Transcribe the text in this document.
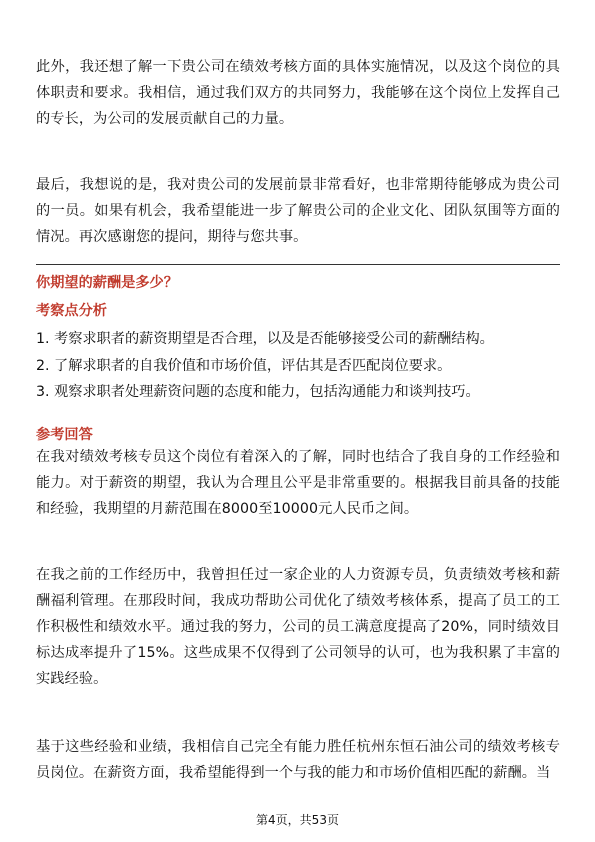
此外，我还想了解一下贵公司在绩效考核方面的具体实施情况，以及这个岗位的具体职责和要求。我相信，通过我们双方的共同努力，我能够在这个岗位上发挥自己的专长，为公司的发展贡献自己的力量。

最后，我想说的是，我对贵公司的发展前景非常看好，也非常期待能够成为贵公司的一员。如果有机会，我希望能进一步了解贵公司的企业文化、团队氛围等方面的情况。再次感谢您的提问，期待与您共事。

你期望的薪酬是多少？
考察点分析
1. 考察求职者的薪资期望是否合理，以及是否能够接受公司的薪酬结构。
2. 了解求职者的自我价值和市场价值，评估其是否匹配岗位要求。
3. 观察求职者处理薪资问题的态度和能力，包括沟通能力和谈判技巧。
参考回答

在我对绩效考核专员这个岗位有着深入的了解，同时也结合了我自身的工作经验和能力。对于薪资的期望，我认为合理且公平是非常重要的。根据我目前具备的技能和经验，我期望的月薪范围在8000至10000元人民币之间。

在我之前的工作经历中，我曾担任过一家企业的人力资源专员，负责绩效考核和薪酬福利管理。在那段时间，我成功帮助公司优化了绩效考核体系，提高了员工的工作积极性和绩效水平。通过我的努力，公司的员工满意度提高了20%，同时绩效目标达成率提升了15%。这些成果不仅得到了公司领导的认可，也为我积累了丰富的实践经验。

基于这些经验和业绩，我相信自己完全有能力胜任杭州东恒石油公司的绩效考核专员岗位。在薪资方面，我希望能得到一个与我的能力和市场价值相匹配的薪酬。当

第4页，共53页
